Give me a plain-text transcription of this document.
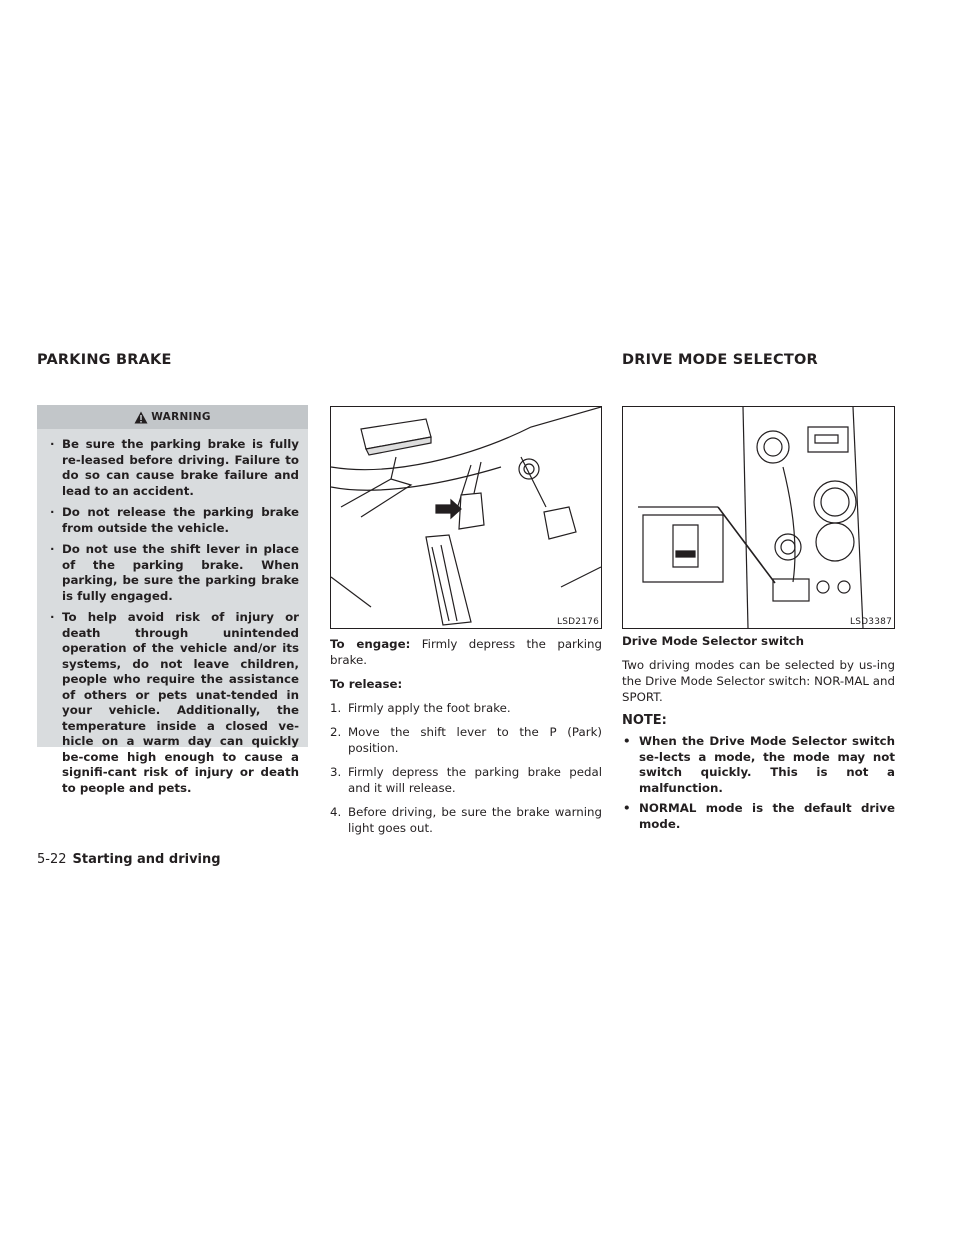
PARKING BRAKE	DRIVE MODE SELECTOR
WARNING
· Be sure the parking brake is fully re-leased before driving. Failure to do so can cause brake failure and lead to an accident.
· Do not release the parking brake from outside the vehicle.
· Do not use the shift lever in place of the parking brake. When parking, be sure the parking brake is fully engaged.
· To help avoid risk of injury or death through unintended operation of the vehicle and/or its systems, do not leave children, people who require the assistance of others or pets unat-tended in your vehicle. Additionally, the temperature inside a closed ve-hicle on a warm day can quickly be-come high enough to cause a signifi-cant risk of injury or death to people and pets.
LSD2176	LSD3387

To engage: Firmly depress the parking brake.

To release:

1. Firmly apply the foot brake.
2. Move the shift lever to the P (Park) position.
3. Firmly depress the parking brake pedal and it will release.
4. Before driving, be sure the brake warning light goes out.

Drive Mode Selector switch

Two driving modes can be selected by us-ing the Drive Mode Selector switch: NOR-MAL and SPORT.

NOTE:
• When the Drive Mode Selector switch se-lects a mode, the mode may not switch quickly. This is not a malfunction.
• NORMAL mode is the default drive mode.
5-22 Starting and driving
